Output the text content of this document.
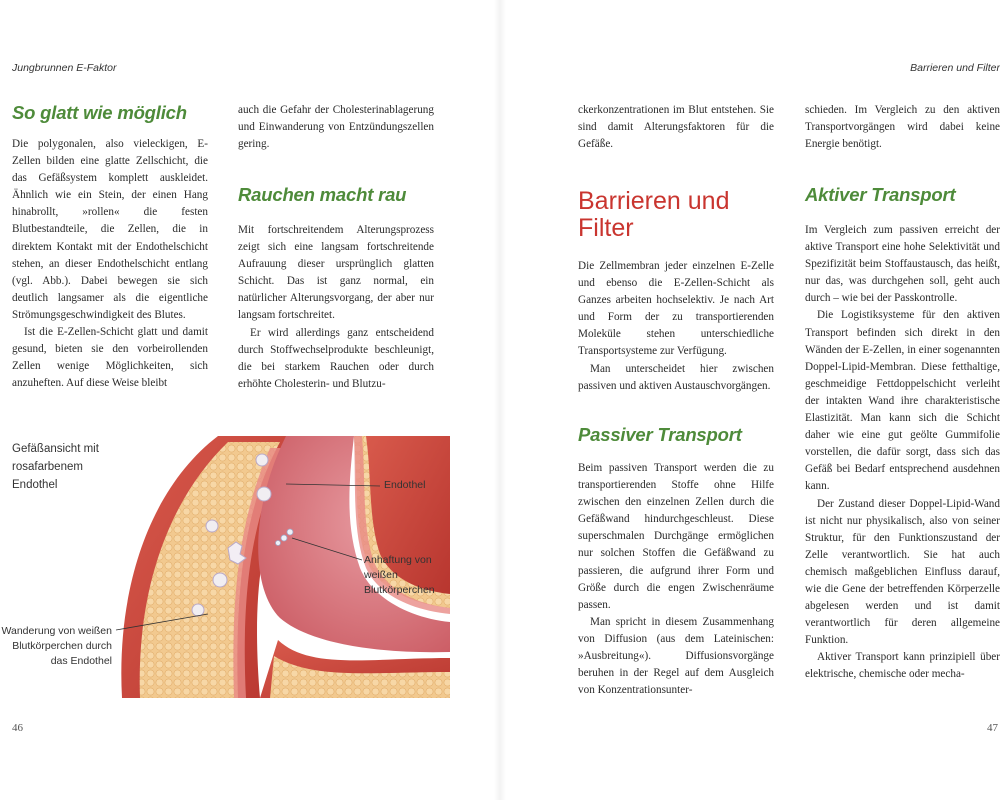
Jungbrunnen E-Faktor
So glatt wie möglich

Die polygonalen, also vieleckigen, E-Zellen bilden eine glatte Zellschicht, die das Gefäßsystem komplett auskleidet. Ähnlich wie ein Stein, der einen Hang hinabrollt, »rollen« die festen Blutbestandteile, die Zellen, die in direktem Kontakt mit der Endothelschicht stehen, an dieser Endothelschicht entlang (vgl. Abb.). Dabei bewegen sie sich deutlich langsamer als die eigentliche Strömungsgeschwindigkeit des Blutes.

Ist die E-Zellen-Schicht glatt und damit gesund, bieten sie den vorbeirollenden Zellen wenige Möglichkeiten, sich anzuheften. Auf diese Weise bleibt

auch die Gefahr der Cholesterinablagerung und Einwanderung von Entzündungszellen gering.

Rauchen macht rau

Mit fortschreitendem Alterungsprozess zeigt sich eine langsam fortschreitende Aufrauung dieser ursprünglich glatten Schicht. Das ist ganz normal, ein natürlicher Alterungsvorgang, der aber nur langsam fortschreitet.

Er wird allerdings ganz entscheidend durch Stoffwechselprodukte beschleunigt, die bei starkem Rauchen oder durch erhöhte Cholesterin- und Blutzu-

Gefäßansicht mit rosafarbenem Endothel	Endothel
Anhaftung von weißen Blutkörperchen
Wanderung von weißen Blutkörperchen durch das Endothel
46
Barrieren und Filter

ckerkonzentrationen im Blut entstehen. Sie sind damit Alterungsfaktoren für die Gefäße.

Barrieren und Filter

Die Zellmembran jeder einzelnen E-Zelle und ebenso die E-Zellen-Schicht als Ganzes arbeiten hochselektiv. Je nach Art und Form der zu transportierenden Moleküle stehen unterschiedliche Transportsysteme zur Verfügung.

Man unterscheidet hier zwischen passiven und aktiven Austauschvorgängen.

Passiver Transport

Beim passiven Transport werden die zu transportierenden Stoffe ohne Hilfe zwischen den einzelnen Zellen durch die Gefäßwand hindurchgeschleust. Diese superschmalen Durchgänge ermöglichen nur solchen Stoffen die Gefäßwand zu passieren, die aufgrund ihrer Form und Größe durch die engen Zwischenräume passen.

Man spricht in diesem Zusammenhang von Diffusion (aus dem Lateinischen: »Ausbreitung«). Diffusionsvorgänge beruhen in der Regel auf dem Ausgleich von Konzentrationsunter-

schieden. Im Vergleich zu den aktiven Transportvorgängen wird dabei keine Energie benötigt.

Aktiver Transport

Im Vergleich zum passiven erreicht der aktive Transport eine hohe Selektivität und Spezifizität beim Stoffaustausch, das heißt, nur das, was durchgehen soll, geht auch durch – wie bei der Passkontrolle.

Die Logistiksysteme für den aktiven Transport befinden sich direkt in den Wänden der E-Zellen, in einer sogenannten Doppel-Lipid-Membran. Diese fetthaltige, geschmeidige Fettdoppelschicht verleiht der intakten Wand ihre charakteristische Elastizität. Man kann sich die Schicht daher wie eine gut geölte Gummifolie vorstellen, die dafür sorgt, dass sich das Gefäß bei Bedarf entsprechend ausdehnen kann.

Der Zustand dieser Doppel-Lipid-Wand ist nicht nur physikalisch, also von seiner Struktur, für den Funktionszustand der Zelle verantwortlich. Sie hat auch chemisch maßgeblichen Einfluss darauf, wie die Gene der betreffenden Körperzelle abgelesen werden und ist damit verantwortlich für deren allgemeine Funktion.

Aktiver Transport kann prinzipiell über elektrische, chemische oder mecha-

47
